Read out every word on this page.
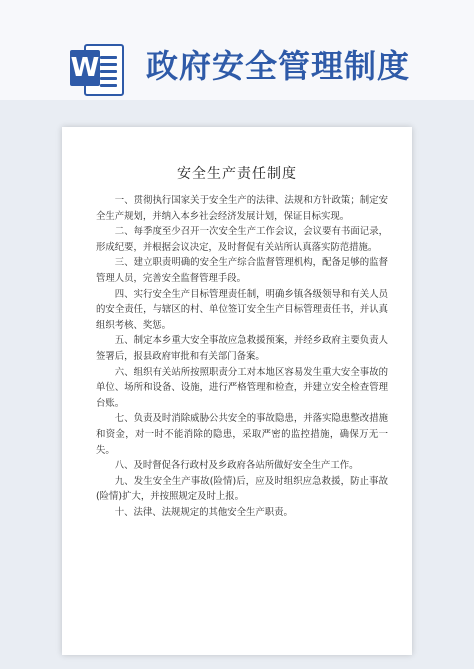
W 政府安全管理制度
安全生产责任制度

一、贯彻执行国家关于安全生产的法律、法规和方针政策；制定安全生产规划，并纳入本乡社会经济发展计划，保证目标实现。

二、每季度至少召开一次安全生产工作会议，会议要有书面记录，形成纪要，并根据会议决定，及时督促有关站所认真落实防范措施。

三、建立职责明确的安全生产综合监督管理机构，配备足够的监督管理人员，完善安全监督管理手段。

四、实行安全生产目标管理责任制，明确乡镇各级领导和有关人员的安全责任，与辖区的村、单位签订安全生产目标管理责任书，并认真组织考核、奖惩。

五、制定本乡重大安全事故应急救援预案，并经乡政府主要负责人签署后，报县政府审批和有关部门备案。

六、组织有关站所按照职责分工对本地区容易发生重大安全事故的单位、场所和设备、设施，进行严格管理和检查，并建立安全检查管理台账。

七、负责及时消除威胁公共安全的事故隐患，并落实隐患整改措施和资金，对一时不能消除的隐患，采取严密的监控措施，确保万无一失。

八、及时督促各行政村及乡政府各站所做好安全生产工作。

九、发生安全生产事故(险情)后，应及时组织应急救援，防止事故(险情)扩大，并按照规定及时上报。

十、法律、法规规定的其他安全生产职责。
